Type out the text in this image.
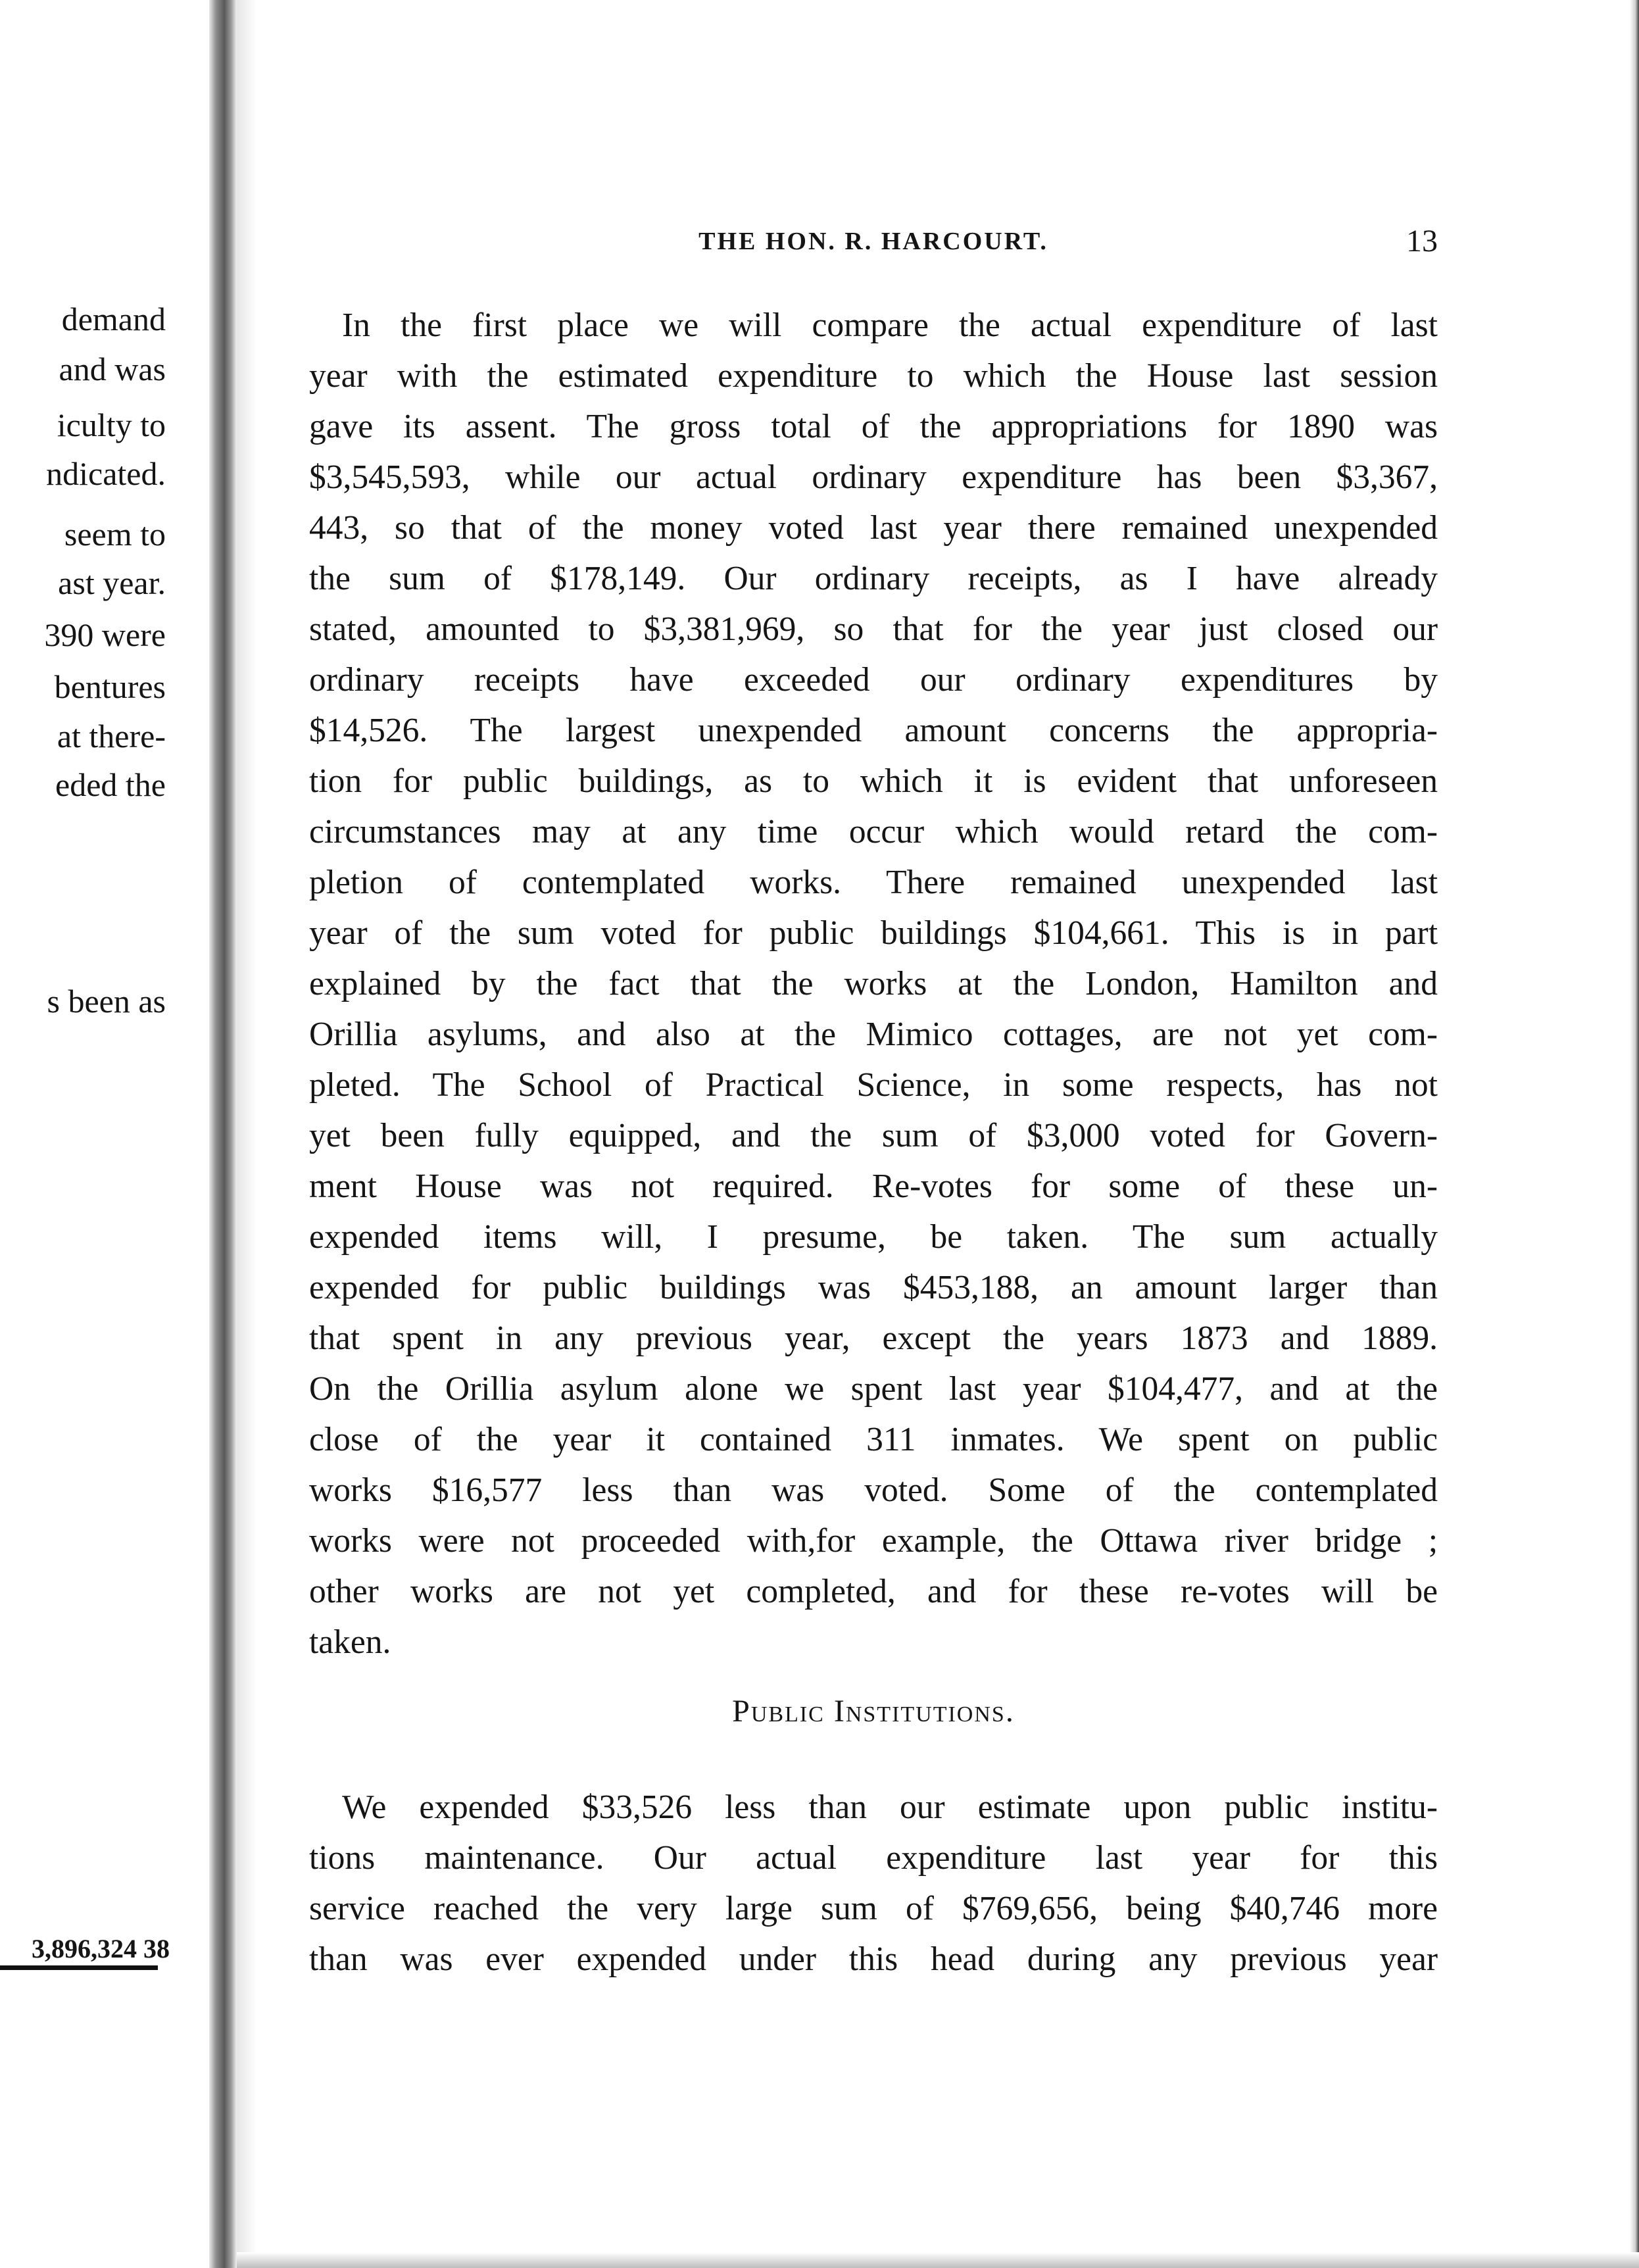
demand
and was
iculty to
ndicated.
seem to
ast year.
390 were
bentures
at there-
eded the
s been as
3,896,324 38
THE HON. R. HARCOURT.	13
In the first place we will compare the actual expenditure of last
year with the estimated expenditure to which the House last session
gave its assent. The gross total of the appropriations for 1890 was
$3,545,593, while our actual ordinary expenditure has been $3,367,
443, so that of the money voted last year there remained unexpended
the sum of $178,149. Our ordinary receipts, as I have already
stated, amounted to $3,381,969, so that for the year just closed our
ordinary receipts have exceeded our ordinary expenditures by
$14,526. The largest unexpended amount concerns the appropria-
tion for public buildings, as to which it is evident that unforeseen
circumstances may at any time occur which would retard the com-
pletion of contemplated works. There remained unexpended last
year of the sum voted for public buildings $104,661. This is in part
explained by the fact that the works at the London, Hamilton and
Orillia asylums, and also at the Mimico cottages, are not yet com-
pleted. The School of Practical Science, in some respects, has not
yet been fully equipped, and the sum of $3,000 voted for Govern-
ment House was not required. Re-votes for some of these un-
expended items will, I presume, be taken. The sum actually
expended for public buildings was $453,188, an amount larger than
that spent in any previous year, except the years 1873 and 1889.
On the Orillia asylum alone we spent last year $104,477, and at the
close of the year it contained 311 inmates. We spent on public
works $16,577 less than was voted. Some of the contemplated
works were not proceeded with,for example, the Ottawa river bridge ;
other works are not yet completed, and for these re-votes will be
taken.
Public Institutions.
We expended $33,526 less than our estimate upon public institu-
tions maintenance. Our actual expenditure last year for this
service reached the very large sum of $769,656, being $40,746 more
than was ever expended under this head during any previous year
